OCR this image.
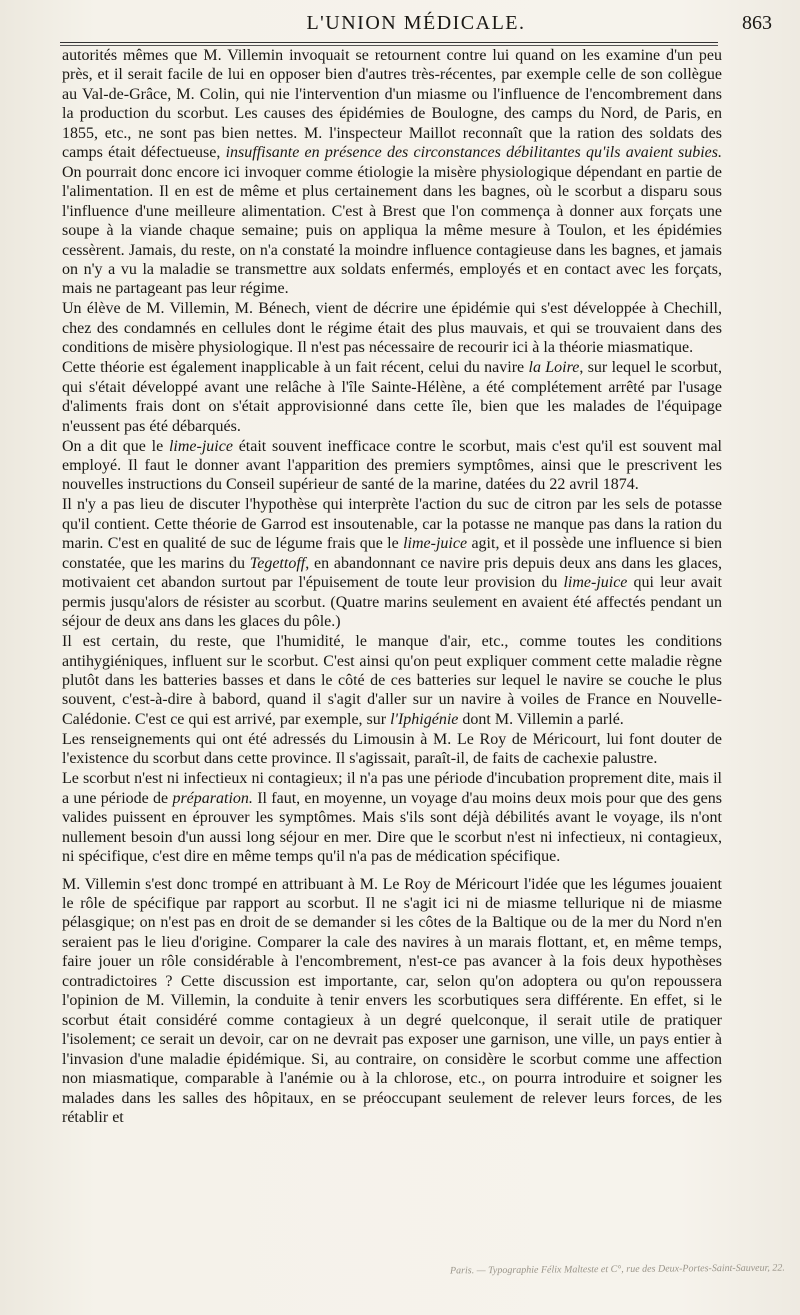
L'UNION MÉDICALE.	863

autorités mêmes que M. Villemin invoquait se retournent contre lui quand on les examine d'un peu près, et il serait facile de lui en opposer bien d'autres très-récentes, par exemple celle de son collègue au Val-de-Grâce, M. Colin, qui nie l'intervention d'un miasme ou l'influence de l'encombrement dans la production du scorbut. Les causes des épidémies de Boulogne, des camps du Nord, de Paris, en 1855, etc., ne sont pas bien nettes. M. l'inspecteur Maillot reconnaît que la ration des soldats des camps était défectueuse, insuffisante en présence des circonstances débilitantes qu'ils avaient subies. On pourrait donc encore ici invoquer comme étiologie la misère physiologique dépendant en partie de l'alimentation. Il en est de même et plus certainement dans les bagnes, où le scorbut a disparu sous l'influence d'une meilleure alimentation. C'est à Brest que l'on commença à donner aux forçats une soupe à la viande chaque semaine; puis on appliqua la même mesure à Toulon, et les épidémies cessèrent. Jamais, du reste, on n'a constaté la moindre influence contagieuse dans les bagnes, et jamais on n'y a vu la maladie se transmettre aux soldats enfermés, employés et en contact avec les forçats, mais ne partageant pas leur régime.

Un élève de M. Villemin, M. Bénech, vient de décrire une épidémie qui s'est développée à Chechill, chez des condamnés en cellules dont le régime était des plus mauvais, et qui se trouvaient dans des conditions de misère physiologique. Il n'est pas nécessaire de recourir ici à la théorie miasmatique.

Cette théorie est également inapplicable à un fait récent, celui du navire la Loire, sur lequel le scorbut, qui s'était développé avant une relâche à l'île Sainte-Hélène, a été complétement arrêté par l'usage d'aliments frais dont on s'était approvisionné dans cette île, bien que les malades de l'équipage n'eussent pas été débarqués.

On a dit que le lime-juice était souvent inefficace contre le scorbut, mais c'est qu'il est souvent mal employé. Il faut le donner avant l'apparition des premiers symptômes, ainsi que le prescrivent les nouvelles instructions du Conseil supérieur de santé de la marine, datées du 22 avril 1874.

Il n'y a pas lieu de discuter l'hypothèse qui interprète l'action du suc de citron par les sels de potasse qu'il contient. Cette théorie de Garrod est insoutenable, car la potasse ne manque pas dans la ration du marin. C'est en qualité de suc de légume frais que le lime-juice agit, et il possède une influence si bien constatée, que les marins du Tegettoff, en abandonnant ce navire pris depuis deux ans dans les glaces, motivaient cet abandon surtout par l'épuisement de toute leur provision du lime-juice qui leur avait permis jusqu'alors de résister au scorbut. (Quatre marins seulement en avaient été affectés pendant un séjour de deux ans dans les glaces du pôle.)

Il est certain, du reste, que l'humidité, le manque d'air, etc., comme toutes les conditions antihygiéniques, influent sur le scorbut. C'est ainsi qu'on peut expliquer comment cette maladie règne plutôt dans les batteries basses et dans le côté de ces batteries sur lequel le navire se couche le plus souvent, c'est-à-dire à babord, quand il s'agit d'aller sur un navire à voiles de France en Nouvelle-Calédonie. C'est ce qui est arrivé, par exemple, sur l'Iphigénie dont M. Villemin a parlé.

Les renseignements qui ont été adressés du Limousin à M. Le Roy de Méricourt, lui font douter de l'existence du scorbut dans cette province. Il s'agissait, paraît-il, de faits de cachexie palustre.

Le scorbut n'est ni infectieux ni contagieux; il n'a pas une période d'incubation proprement dite, mais il a une période de préparation. Il faut, en moyenne, un voyage d'au moins deux mois pour que des gens valides puissent en éprouver les symptômes. Mais s'ils sont déjà débilités avant le voyage, ils n'ont nullement besoin d'un aussi long séjour en mer. Dire que le scorbut n'est ni infectieux, ni contagieux, ni spécifique, c'est dire en même temps qu'il n'a pas de médication spécifique.

M. Villemin s'est donc trompé en attribuant à M. Le Roy de Méricourt l'idée que les légumes jouaient le rôle de spécifique par rapport au scorbut. Il ne s'agit ici ni de miasme tellurique ni de miasme pélasgique; on n'est pas en droit de se demander si les côtes de la Baltique ou de la mer du Nord n'en seraient pas le lieu d'origine. Comparer la cale des navires à un marais flottant, et, en même temps, faire jouer un rôle considérable à l'encombrement, n'est-ce pas avancer à la fois deux hypothèses contradictoires ? Cette discussion est importante, car, selon qu'on adoptera ou qu'on repoussera l'opinion de M. Villemin, la conduite à tenir envers les scorbutiques sera différente. En effet, si le scorbut était considéré comme contagieux à un degré quelconque, il serait utile de pratiquer l'isolement; ce serait un devoir, car on ne devrait pas exposer une garnison, une ville, un pays entier à l'invasion d'une maladie épidémique. Si, au contraire, on considère le scorbut comme une affection non miasmatique, comparable à l'anémie ou à la chlorose, etc., on pourra introduire et soigner les malades dans les salles des hôpitaux, en se préoccupant seulement de relever leurs forces, de les rétablir et

Paris. — Typographie Félix Malteste et C°, rue des Deux-Portes-Saint-Sauveur, 22.
